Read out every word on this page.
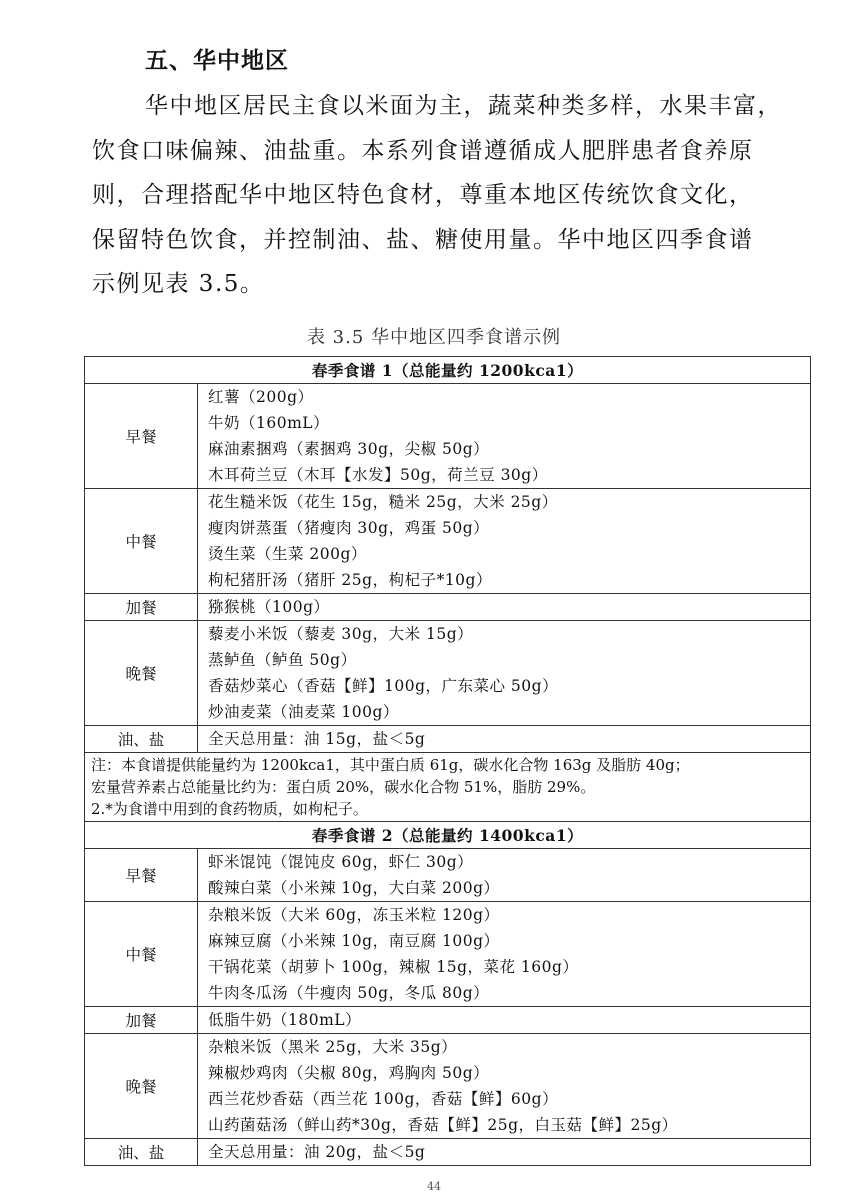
五、华中地区
华中地区居民主食以米面为主，蔬菜种类多样，水果丰富，
饮食口味偏辣、油盐重。本系列食谱遵循成人肥胖患者食养原
则，合理搭配华中地区特色食材，尊重本地区传统饮食文化，
保留特色饮食，并控制油、盐、糖使用量。华中地区四季食谱
示例见表 3.5。
表 3.5 华中地区四季食谱示例
春季食谱 1（总能量约 1200kca1）	
早餐	红薯（200g）
牛奶（160mL）
麻油素捆鸡（素捆鸡 30g，尖椒 50g）
木耳荷兰豆（木耳【水发】50g，荷兰豆 30g）

中餐	花生糙米饭（花生 15g，糙米 25g，大米 25g）
瘦肉饼蒸蛋（猪瘦肉 30g，鸡蛋 50g）
烫生菜（生菜 200g）
枸杞猪肝汤（猪肝 25g，枸杞子*10g）

加餐	猕猴桃（100g）

晚餐	藜麦小米饭（藜麦 30g，大米 15g）
蒸鲈鱼（鲈鱼 50g）
香菇炒菜心（香菇【鲜】100g，广东菜心 50g）
炒油麦菜（油麦菜 100g）

油、盐	全天总用量：油 15g，盐＜5g

注：本食谱提供能量约为 1200kca1，其中蛋白质 61g，碳水化合物 163g 及脂肪 40g；
宏量营养素占总能量比约为：蛋白质 20%，碳水化合物 51%，脂肪 29%。
2.*为食谱中用到的食药物质，如枸杞子。	

春季食谱 2（总能量约 1400kca1）	
早餐	虾米馄饨（馄饨皮 60g，虾仁 30g）
酸辣白菜（小米辣 10g，大白菜 200g）

中餐	杂粮米饭（大米 60g，冻玉米粒 120g）
麻辣豆腐（小米辣 10g，南豆腐 100g）
干锅花菜（胡萝卜 100g，辣椒 15g，菜花 160g）
牛肉冬瓜汤（牛瘦肉 50g，冬瓜 80g）

加餐	低脂牛奶（180mL）

晚餐	杂粮米饭（黑米 25g，大米 35g）
辣椒炒鸡肉（尖椒 80g，鸡胸肉 50g）
西兰花炒香菇（西兰花 100g，香菇【鲜】60g）
山药菌菇汤（鲜山药*30g，香菇【鲜】25g，白玉菇【鲜】25g）

油、盐	全天总用量：油 20g，盐＜5g
44
